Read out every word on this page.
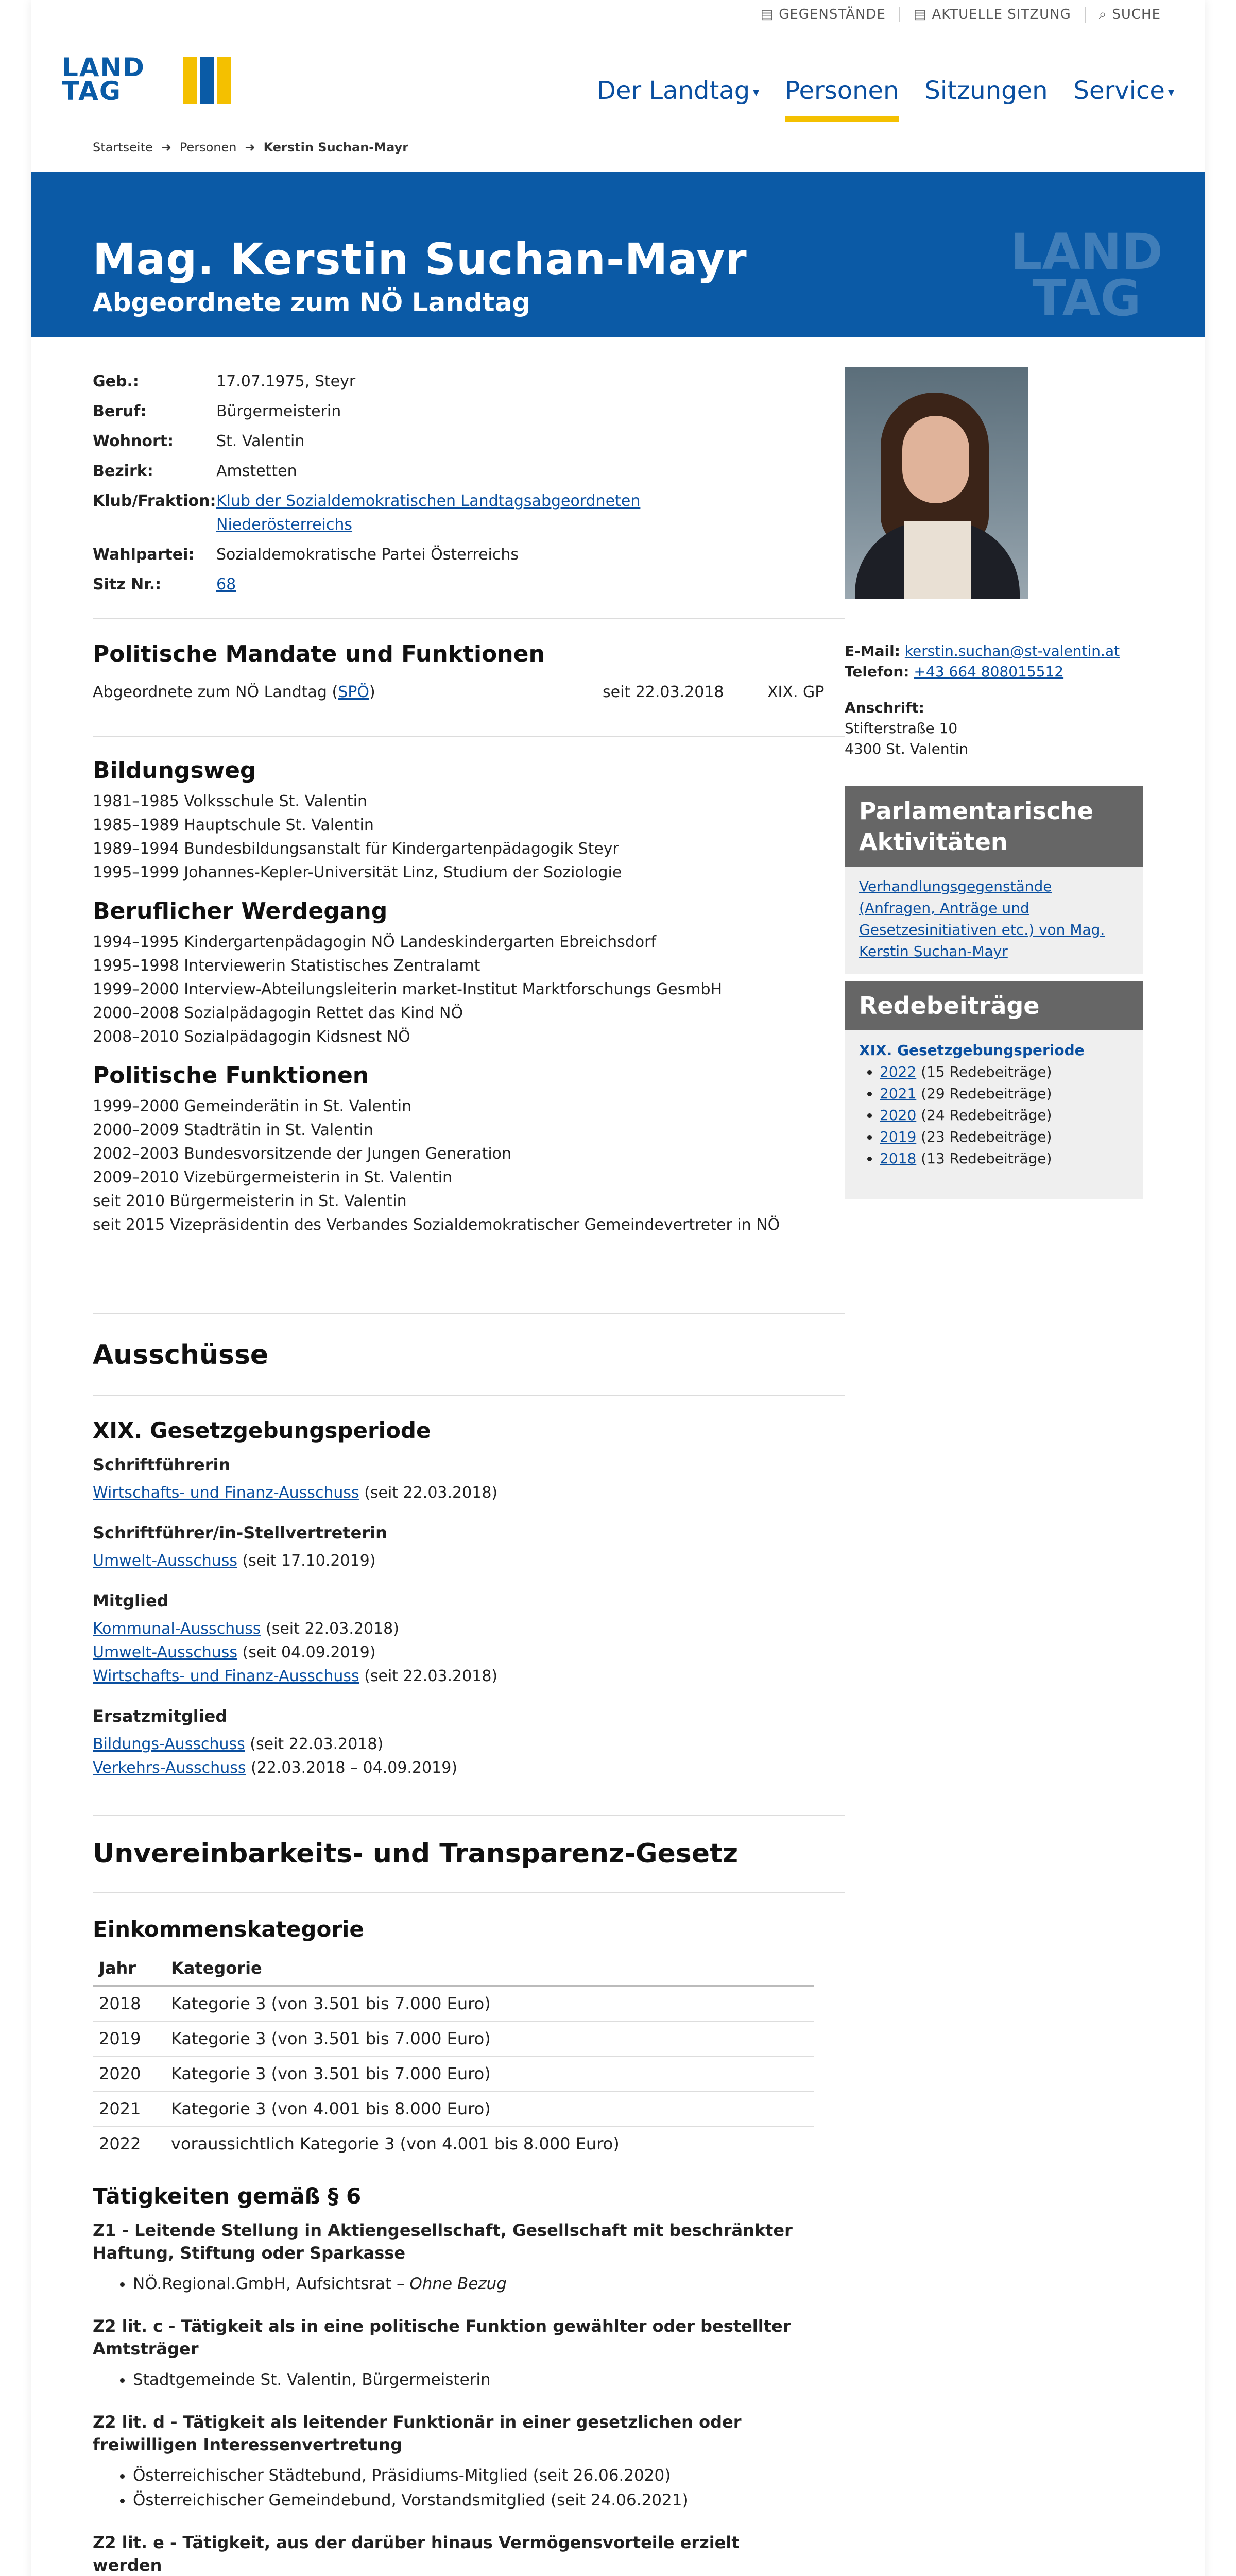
▤ GEGENSTÄNDE ▤ AKTUELLE SITZUNG ⌕ SUCHE
LAND
TAG	Der Landtag ▾ Personen Sitzungen Service ▾
Startseite ➜ Personen ➜ Kerstin Suchan-Mayr
Mag. Kerstin Suchan-Mayr
Abgeordnete zum NÖ Landtag
LAND
TAG
Geb.:	17.07.1975, Steyr
Beruf:	Bürgermeisterin
Wohnort:	St. Valentin
Bezirk:	Amstetten
Klub/Fraktion: Klub der Sozialdemokratischen Landtagsabgeordneten Niederösterreichs
Wahlpartei:	Sozialdemokratische Partei Österreichs
Sitz Nr.:	68
Politische Mandate und Funktionen
Abgeordnete zum NÖ Landtag (SPÖ)	seit 22.03.2018	XIX. GP
Bildungsweg
1981–1985 Volksschule St. Valentin
1985–1989 Hauptschule St. Valentin
1989–1994 Bundesbildungsanstalt für Kindergartenpädagogik Steyr
1995–1999 Johannes-Kepler-Universität Linz, Studium der Soziologie
Beruflicher Werdegang
1994–1995 Kindergartenpädagogin NÖ Landeskindergarten Ebreichsdorf
1995–1998 Interviewerin Statistisches Zentralamt
1999–2000 Interview-Abteilungsleiterin market-Institut Marktforschungs GesmbH
2000–2008 Sozialpädagogin Rettet das Kind NÖ
2008–2010 Sozialpädagogin Kidsnest NÖ
Politische Funktionen
1999–2000 Gemeinderätin in St. Valentin
2000–2009 Stadträtin in St. Valentin
2002–2003 Bundesvorsitzende der Jungen Generation
2009–2010 Vizebürgermeisterin in St. Valentin
seit 2010 Bürgermeisterin in St. Valentin
seit 2015 Vizepräsidentin des Verbandes Sozialdemokratischer Gemeindevertreter in NÖ
Ausschüsse
XIX. Gesetzgebungsperiode
Schriftführerin
Wirtschafts- und Finanz-Ausschuss (seit 22.03.2018)
Schriftführer/in-Stellvertreterin
Umwelt-Ausschuss (seit 17.10.2019)
Mitglied
Kommunal-Ausschuss (seit 22.03.2018)
Umwelt-Ausschuss (seit 04.09.2019)
Wirtschafts- und Finanz-Ausschuss (seit 22.03.2018)
Ersatzmitglied
Bildungs-Ausschuss (seit 22.03.2018)
Verkehrs-Ausschuss (22.03.2018 – 04.09.2019)
Unvereinbarkeits- und Transparenz-Gesetz
Einkommenskategorie
Jahr	Kategorie
2018	Kategorie 3 (von 3.501 bis 7.000 Euro)
2019	Kategorie 3 (von 3.501 bis 7.000 Euro)
2020	Kategorie 3 (von 3.501 bis 7.000 Euro)
2021	Kategorie 3 (von 4.001 bis 8.000 Euro)
2022	voraussichtlich Kategorie 3 (von 4.001 bis 8.000 Euro)
Tätigkeiten gemäß § 6
Z1 - Leitende Stellung in Aktiengesellschaft, Gesellschaft mit beschränkter Haftung, Stiftung oder Sparkasse
• NÖ.Regional.GmbH, Aufsichtsrat – Ohne Bezug
Z2 lit. c - Tätigkeit als in eine politische Funktion gewählter oder bestellter Amtsträger
• Stadtgemeinde St. Valentin, Bürgermeisterin
Z2 lit. d - Tätigkeit als leitender Funktionär in einer gesetzlichen oder freiwilligen Interessenvertretung
• Österreichischer Städtebund, Präsidiums-Mitglied (seit 26.06.2020)
• Österreichischer Gemeindebund, Vorstandsmitglied (seit 24.06.2021)
Z2 lit. e - Tätigkeit, aus der darüber hinaus Vermögensvorteile erzielt werden
E-Mail: kerstin.suchan@st-valentin.at
Telefon: +43 664 808015512
Anschrift:
Stifterstraße 10
4300 St. Valentin
Parlamentarische Aktivitäten
Verhandlungsgegenstände (Anfragen, Anträge und Gesetzesinitiativen etc.) von Mag. Kerstin Suchan-Mayr
Redebeiträge
XIX. Gesetzgebungsperiode
• 2022 (15 Redebeiträge)
• 2021 (29 Redebeiträge)
• 2020 (24 Redebeiträge)
• 2019 (23 Redebeiträge)
• 2018 (13 Redebeiträge)
